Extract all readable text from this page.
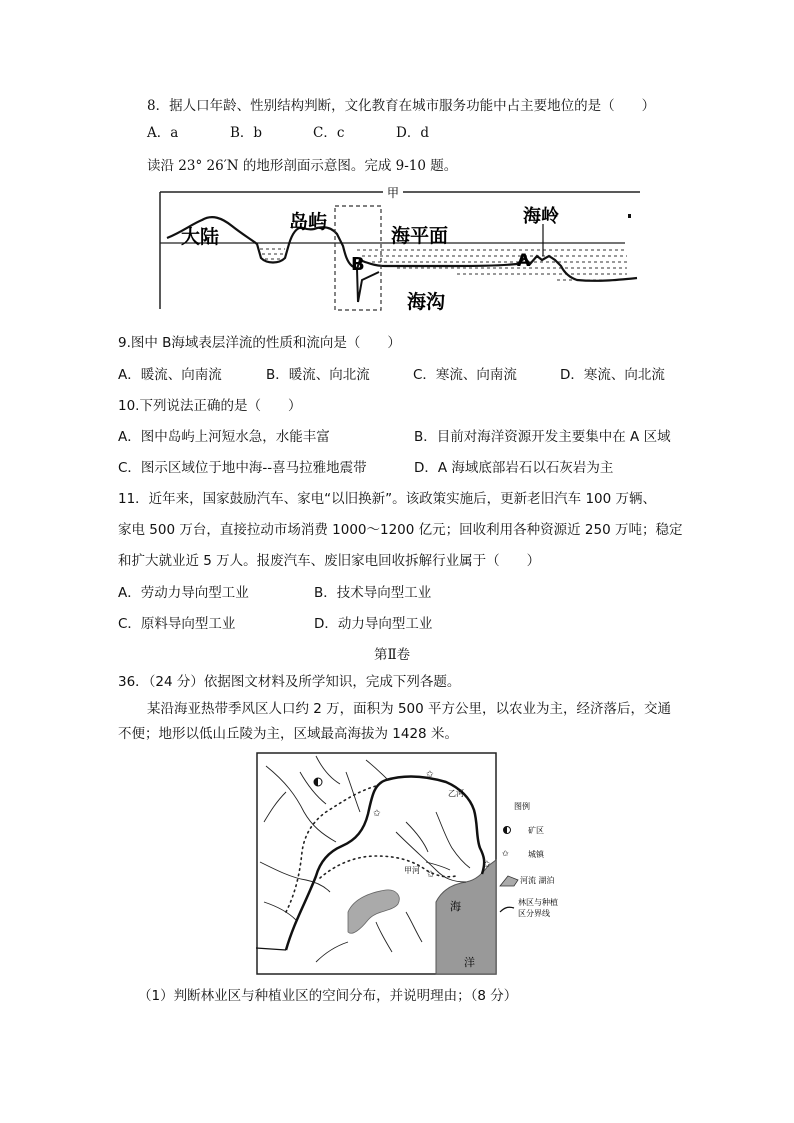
8．据人口年龄、性别结构判断，文化教育在城市服务功能中占主要地位的是（　　）
A．a	B．b	C．c	D．d
读沿 23° 26′N 的地形剖面示意图。完成 9-10 题。
甲
大陆
岛屿
海平面
海岭
B	A
海沟
9.图中 B海域表层洋流的性质和流向是（　　）
A．暖流、向南流	B．暖流、向北流	C．寒流、向南流	D．寒流、向北流
10.下列说法正确的是（　　）
A．图中岛屿上河短水急，水能丰富	B．目前对海洋资源开发主要集中在 A 区域
C．图示区域位于地中海--喜马拉雅地震带	D．A 海域底部岩石以石灰岩为主
11．近年来，国家鼓励汽车、家电“以旧换新”。该政策实施后，更新老旧汽车 100 万辆、
家电 500 万台，直接拉动市场消费 1000～1200 亿元；回收利用各种资源近 250 万吨；稳定
和扩大就业近 5 万人。报废汽车、废旧家电回收拆解行业属于（　　）
A．劳动力导向型工业	B．技术导向型工业
C．原料导向型工业	D．动力导向型工业
第Ⅱ卷
36．（24 分）依据图文材料及所学知识，完成下列各题。
某沿海亚热带季风区人口约 2 万，面积为 500 平方公里，以农业为主，经济落后，交通
不便；地形以低山丘陵为主，区域最高海拔为 1428 米。
甲河
乙河
海
洋
✩
✩
✩
✩
图例
矿区
✩ 城镇
河流 湖泊
林区与种植
区分界线
（1）判断林业区与种植业区的空间分布，并说明理由；（8 分）
